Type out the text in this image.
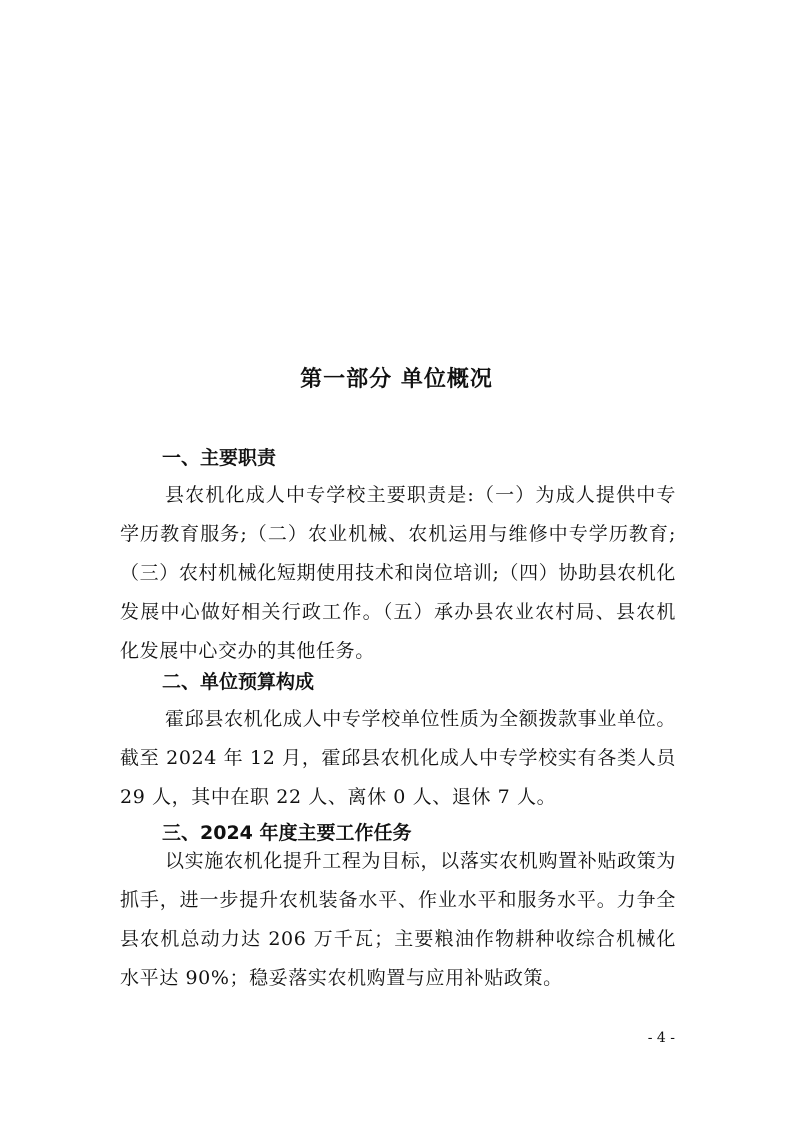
第一部分 单位概况
一、主要职责

县农机化成人中专学校主要职责是:（一）为成人提供中专学历教育服务;（二）农业机械、农机运用与维修中专学历教育;（三）农村机械化短期使用技术和岗位培训;（四）协助县农机化发展中心做好相关行政工作。（五）承办县农业农村局、县农机化发展中心交办的其他任务。

二、单位预算构成

霍邱县农机化成人中专学校单位性质为全额拨款事业单位。截至 2024 年 12 月，霍邱县农机化成人中专学校实有各类人员 29 人，其中在职 22 人、离休 0 人、退休 7 人。

三、2024 年度主要工作任务

以实施农机化提升工程为目标，以落实农机购置补贴政策为抓手，进一步提升农机装备水平、作业水平和服务水平。力争全县农机总动力达 206 万千瓦；主要粮油作物耕种收综合机械化水平达 90%；稳妥落实农机购置与应用补贴政策。

- 4 -
